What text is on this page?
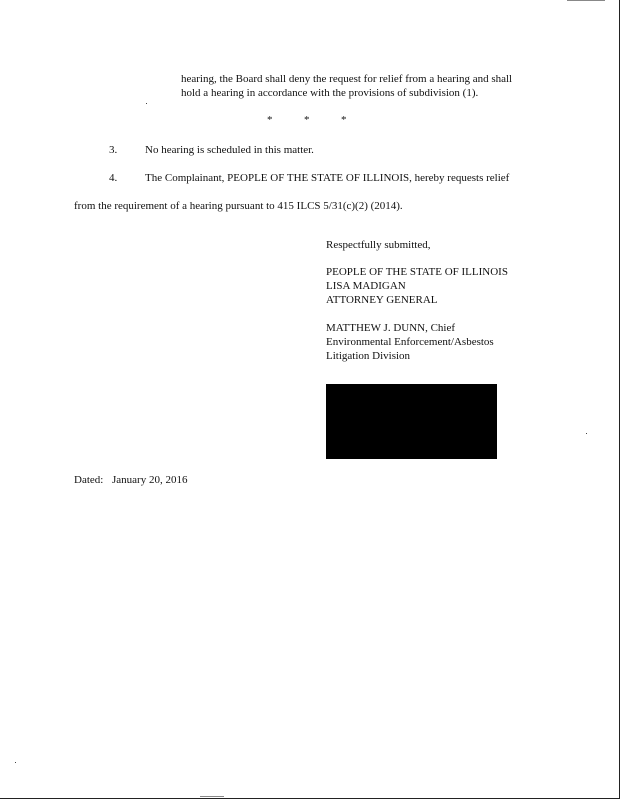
hearing, the Board shall deny the request for relief from a hearing and shall
hold a hearing in accordance with the provisions of subdivision (1).
*	*	*
3.	No hearing is scheduled in this matter.
4.	The Complainant, PEOPLE OF THE STATE OF ILLINOIS, hereby requests relief
from the requirement of a hearing pursuant to 415 ILCS 5/31(c)(2) (2014).
Respectfully submitted,
PEOPLE OF THE STATE OF ILLINOIS
LISA MADIGAN
ATTORNEY GENERAL
MATTHEW J. DUNN, Chief
Environmental Enforcement/Asbestos
Litigation Division
Dated: January 20, 2016
